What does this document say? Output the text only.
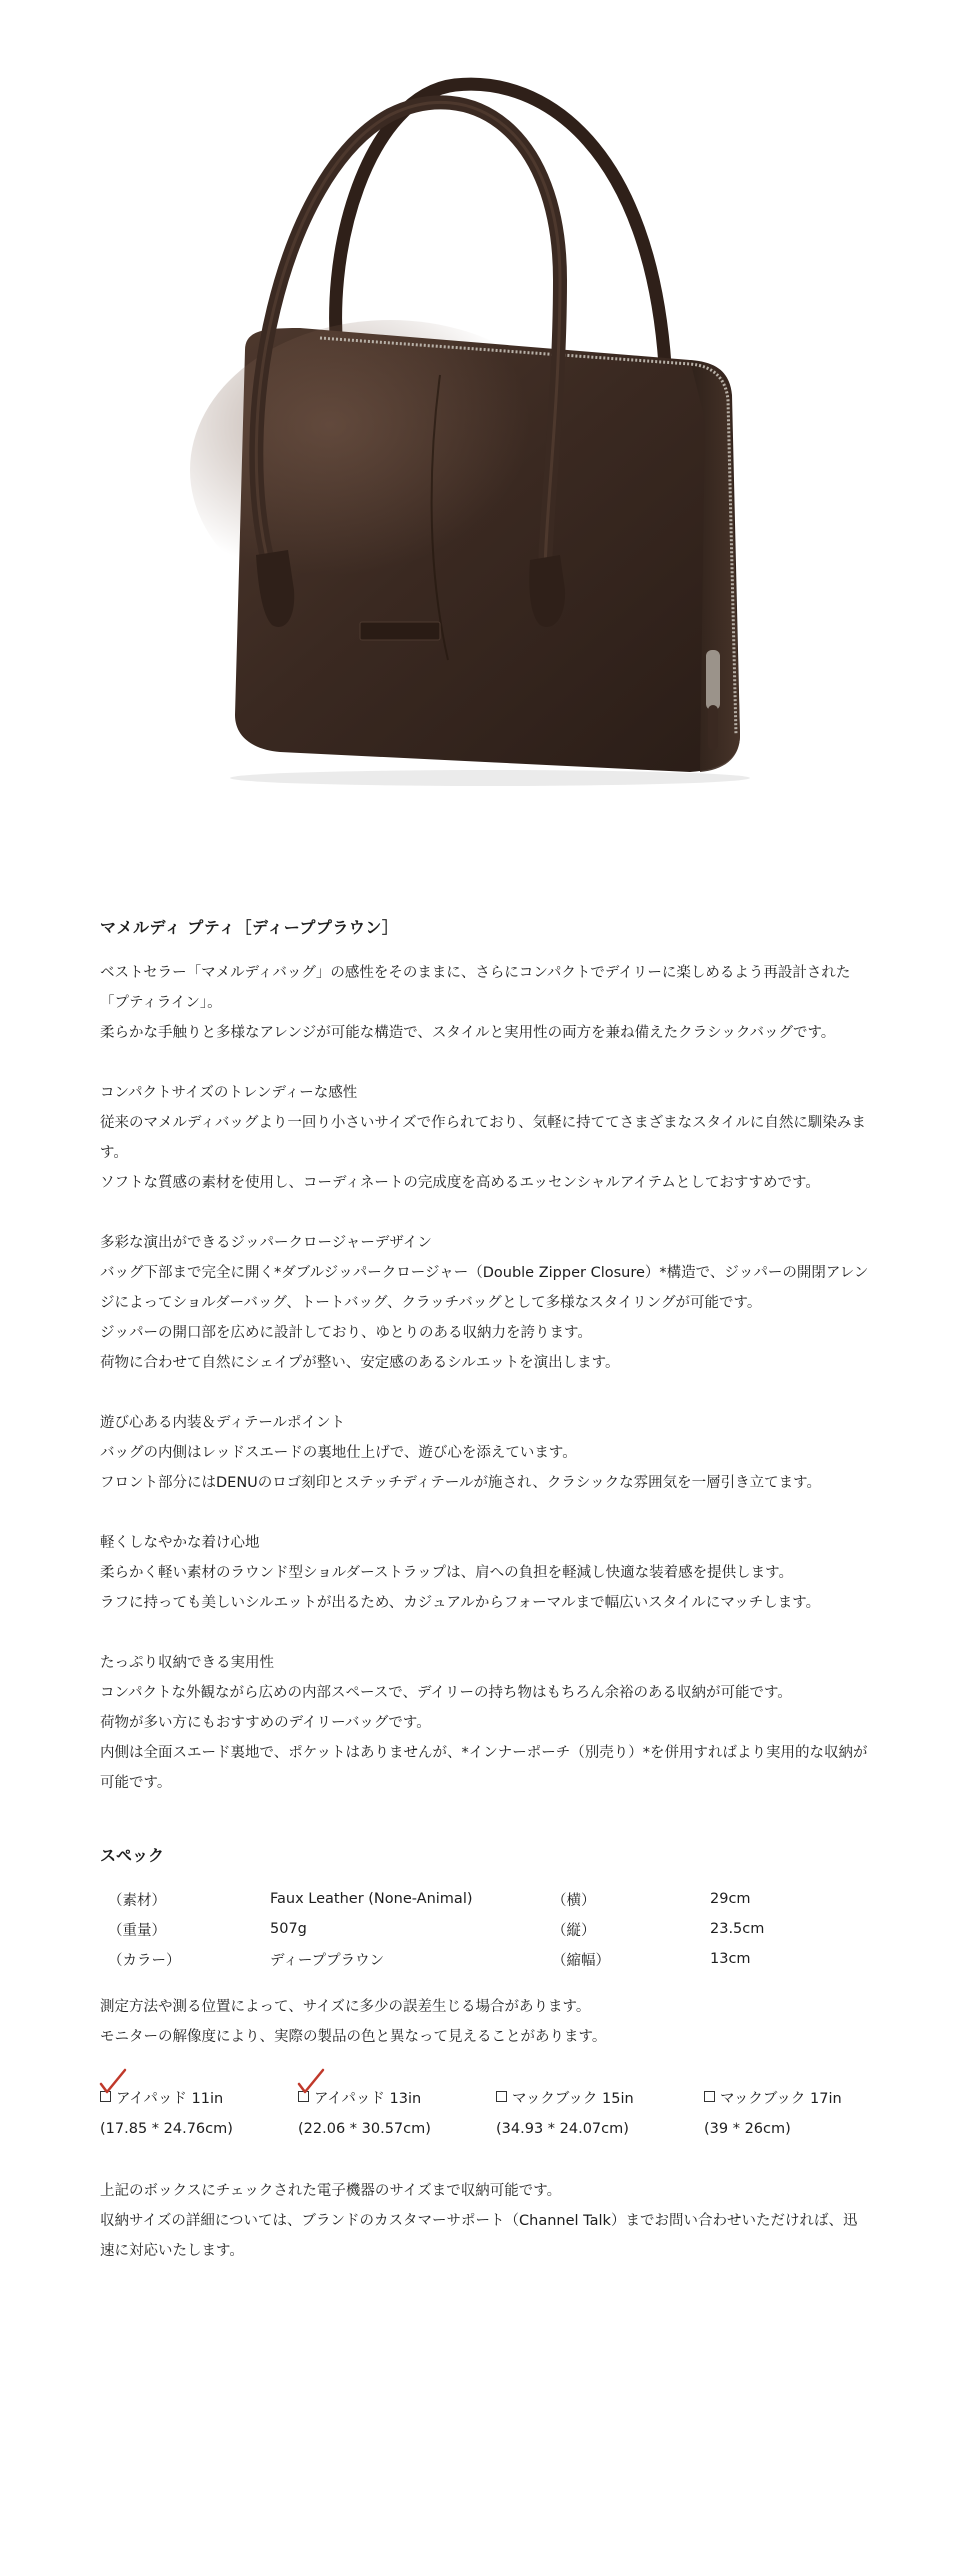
マメルディ プティ［ディーププラウン］

ベストセラー「マメルディバッグ」の感性をそのままに、さらにコンパクトでデイリーに楽しめるよう再設計された「プティライン」。

柔らかな手触りと多様なアレンジが可能な構造で、スタイルと実用性の両方を兼ね備えたクラシックバッグです。

コンパクトサイズのトレンディーな感性

従来のマメルディバッグより一回り小さいサイズで作られており、気軽に持ててさまざまなスタイルに自然に馴染みます。

ソフトな質感の素材を使用し、コーディネートの完成度を高めるエッセンシャルアイテムとしておすすめです。

多彩な演出ができるジッパークロージャーデザイン

バッグ下部まで完全に開く*ダブルジッパークロージャー（Double Zipper Closure）*構造で、ジッパーの開閉アレンジによってショルダーバッグ、トートバッグ、クラッチバッグとして多様なスタイリングが可能です。

ジッパーの開口部を広めに設計しており、ゆとりのある収納力を誇ります。

荷物に合わせて自然にシェイプが整い、安定感のあるシルエットを演出します。

遊び心ある内装＆ディテールポイント

バッグの内側はレッドスエードの裏地仕上げで、遊び心を添えています。

フロント部分にはDENUのロゴ刻印とステッチディテールが施され、クラシックな雰囲気を一層引き立てます。

軽くしなやかな着け心地

柔らかく軽い素材のラウンド型ショルダーストラップは、肩への負担を軽減し快適な装着感を提供します。

ラフに持っても美しいシルエットが出るため、カジュアルからフォーマルまで幅広いスタイルにマッチします。

たっぷり収納できる実用性

コンパクトな外観ながら広めの内部スペースで、デイリーの持ち物はもちろん余裕のある収納が可能です。

荷物が多い方にもおすすめのデイリーバッグです。

内側は全面スエード裏地で、ポケットはありませんが、*インナーポーチ（別売り）*を併用すればより実用的な収納が可能です。

スペック
（素材）	Faux Leather (None-Animal)	（横）	29cm
（重量）	507g	（縦）	23.5cm
（カラー）	ディーププラウン	（縮幅）	13cm

測定方法や測る位置によって、サイズに多少の誤差生じる場合があります。

モニターの解像度により、実際の製品の色と異なって見えることがあります。

アイパッド 11in
(17.85 * 24.76cm)
アイパッド 13in
(22.06 * 30.57cm)
マックブック 15in
(34.93 * 24.07cm)
マックブック 17in
(39 * 26cm)

上記のボックスにチェックされた電子機器のサイズまで収納可能です。

収納サイズの詳細については、ブランドのカスタマーサポート（Channel Talk）までお問い合わせいただければ、迅速に対応いたします。
